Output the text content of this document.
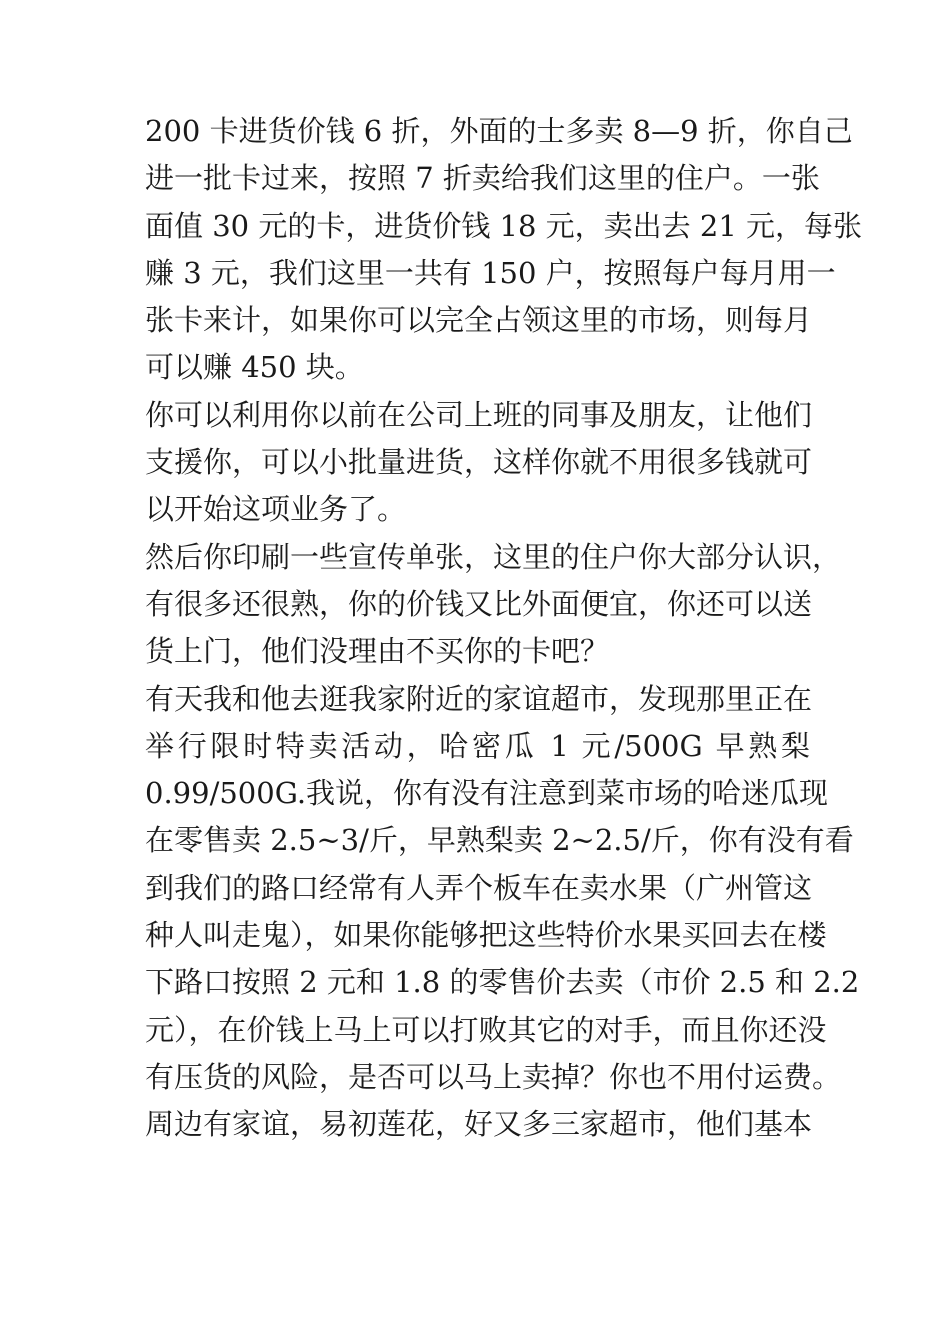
200 卡进货价钱 6 折，外面的士多卖 8—9 折，你自己
进一批卡过来，按照 7 折卖给我们这里的住户。一张
面值 30 元的卡，进货价钱 18 元，卖出去 21 元，每张
赚 3 元，我们这里一共有 150 户，按照每户每月用一
张卡来计，如果你可以完全占领这里的市场，则每月
可以赚 450 块。
你可以利用你以前在公司上班的同事及朋友，让他们
支援你，可以小批量进货，这样你就不用很多钱就可
以开始这项业务了。
然后你印刷一些宣传单张，这里的住户你大部分认识，
有很多还很熟，你的价钱又比外面便宜，你还可以送
货上门，他们没理由不买你的卡吧？
有天我和他去逛我家附近的家谊超市，发现那里正在
举行限时特卖活动，哈密瓜 1 元/500G 早熟梨
0.99/500G.我说，你有没有注意到菜市场的哈迷瓜现
在零售卖 2.5~3/斤，早熟梨卖 2~2.5/斤，你有没有看
到我们的路口经常有人弄个板车在卖水果（广州管这
种人叫走鬼），如果你能够把这些特价水果买回去在楼
下路口按照 2 元和 1.8 的零售价去卖（市价 2.5 和 2.2
元），在价钱上马上可以打败其它的对手，而且你还没
有压货的风险，是否可以马上卖掉？你也不用付运费。
周边有家谊，易初莲花，好又多三家超市，他们基本
